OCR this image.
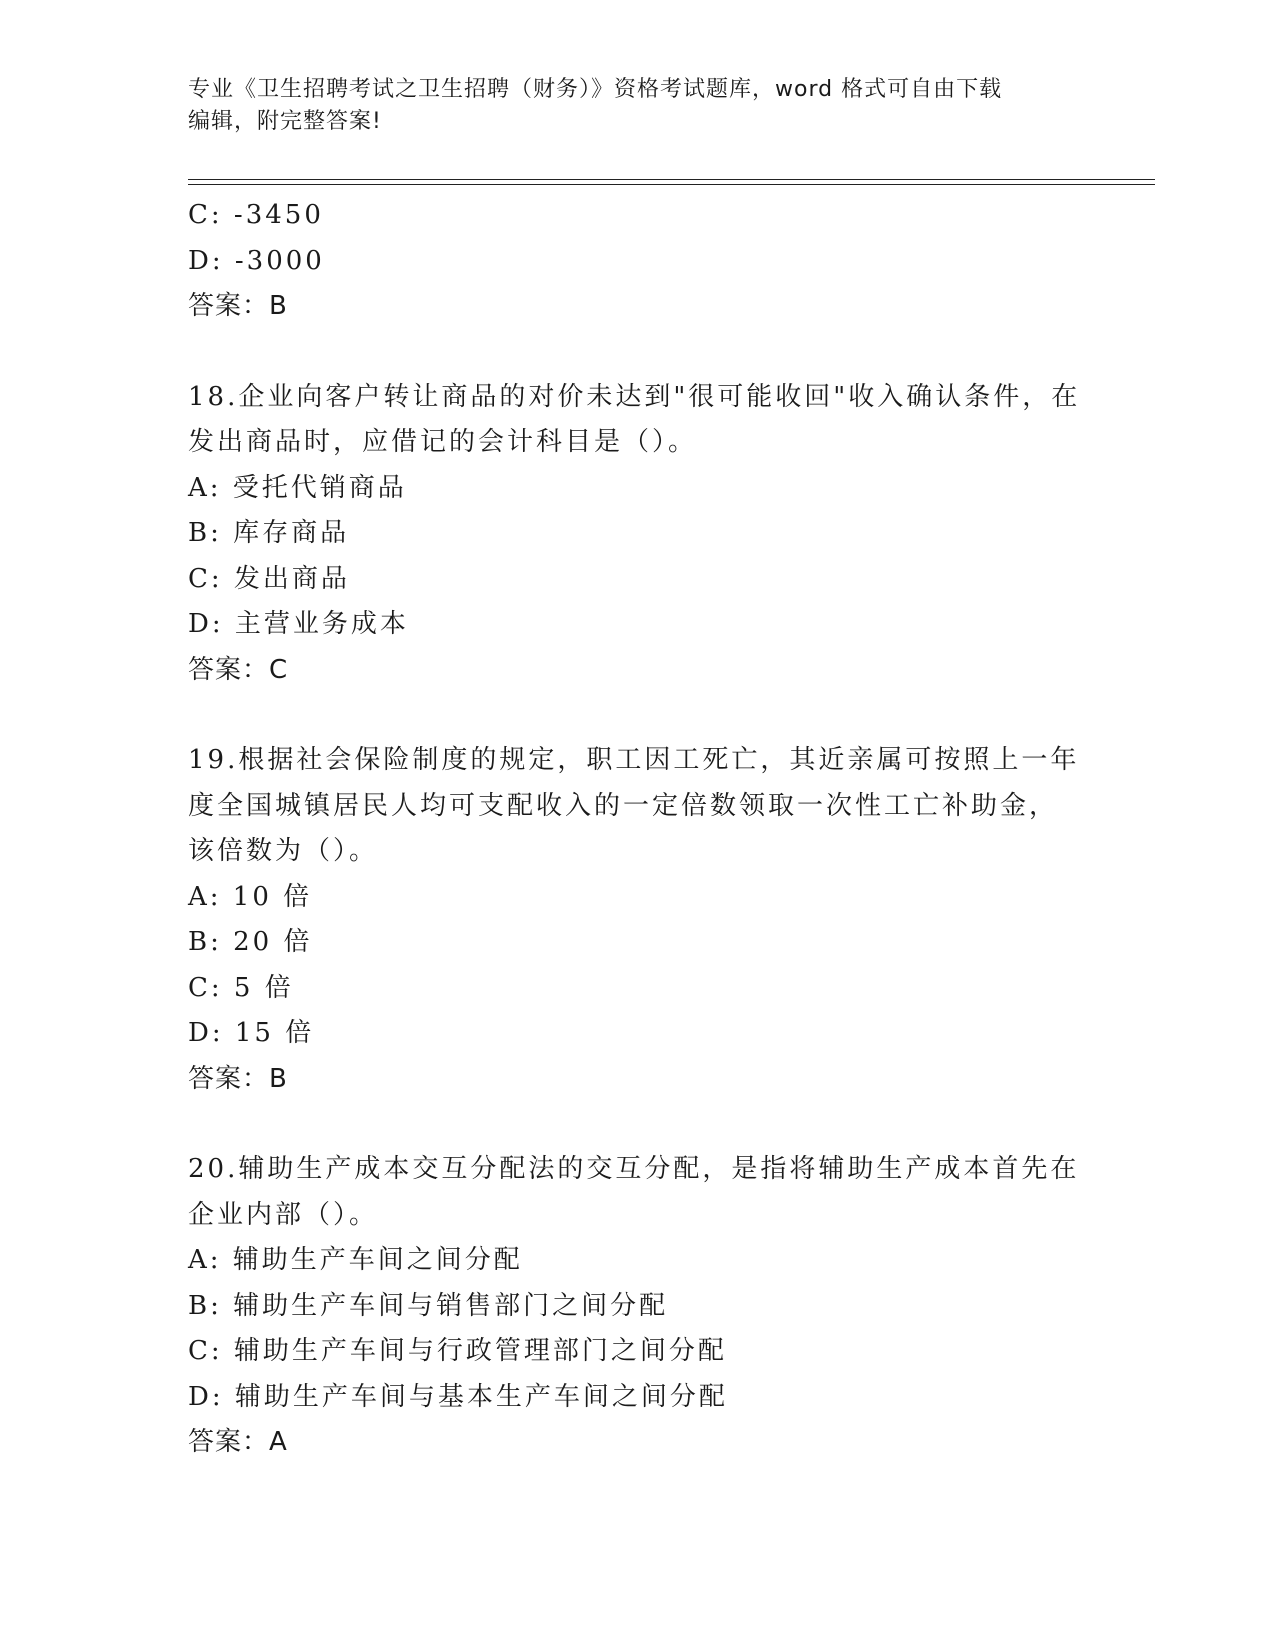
专业《卫生招聘考试之卫生招聘（财务）》资格考试题库，word 格式可自由下载
编辑，附完整答案!
C: -3450
D: -3000
答案：B
18.企业向客户转让商品的对价未达到"很可能收回"收入确认条件，在
发出商品时，应借记的会计科目是（）。
A: 受托代销商品
B: 库存商品
C: 发出商品
D: 主营业务成本
答案：C
19.根据社会保险制度的规定，职工因工死亡，其近亲属可按照上一年
度全国城镇居民人均可支配收入的一定倍数领取一次性工亡补助金，
该倍数为（）。
A: 10 倍
B: 20 倍
C: 5 倍
D: 15 倍
答案：B
20.辅助生产成本交互分配法的交互分配，是指将辅助生产成本首先在
企业内部（）。
A: 辅助生产车间之间分配
B: 辅助生产车间与销售部门之间分配
C: 辅助生产车间与行政管理部门之间分配
D: 辅助生产车间与基本生产车间之间分配
答案：A
